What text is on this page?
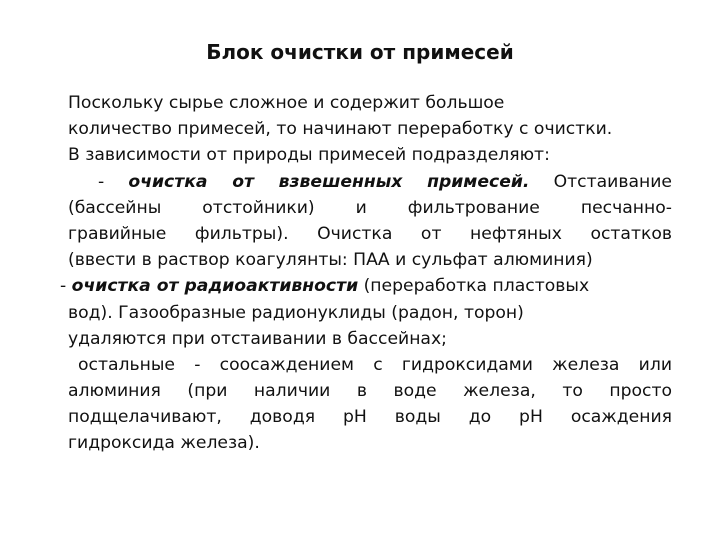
Блок очистки от примесей
Поскольку сырье сложное и содержит большое
количество примесей, то начинают переработку с очистки.
В зависимости от природы примесей подразделяют:
- очистка от взвешенных примесей. Отстаивание
(бассейны отстойники) и фильтрование песчанно-
гравийные фильтры). Очистка от нефтяных остатков
(ввести в раствор коагулянты: ПАА и сульфат алюминия)
- очистка от радиоактивности (переработка пластовых
вод). Газообразные радионуклиды (радон, торон)
удаляются при отстаивании в бассейнах;
остальные - соосаждением с гидроксидами железа или
алюминия (при наличии в воде железа, то просто
подщелачивают, доводя рН воды до рН осаждения
гидроксида железа).
